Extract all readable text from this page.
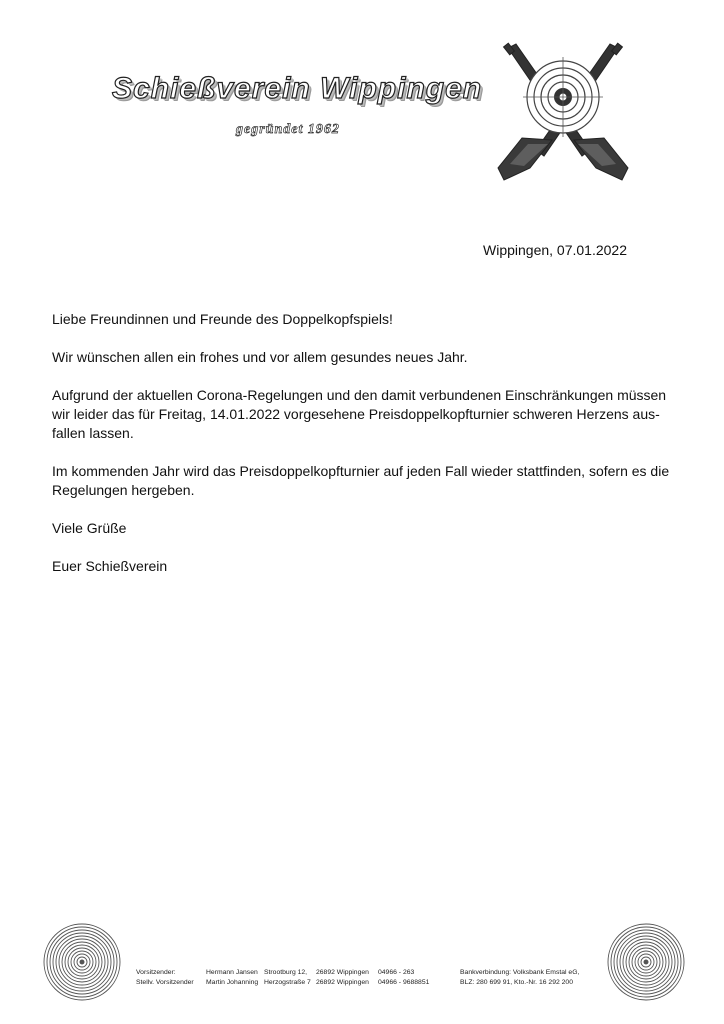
Schießverein Wippingen
gegründet 1962
Wippingen, 07.01.2022

Liebe Freundinnen und Freunde des Doppelkopfspiels!

Wir wünschen allen ein frohes und vor allem gesundes neues Jahr.

Aufgrund der aktuellen Corona-Regelungen und den damit verbundenen Einschränkungen müssen wir leider das für Freitag, 14.01.2022 vorgesehene Preisdoppelkopfturnier schweren Herzens aus-fallen lassen.

Im kommenden Jahr wird das Preisdoppelkopfturnier auf jeden Fall wieder stattfinden, sofern es die Regelungen hergeben.

Viele Grüße

Euer Schießverein

Vorsitzender:	Hermann Jansen Strootburg 12, 26892 Wippingen 04966 - 263
Stellv. Vorsitzender Martin Johanning Herzogstraße 7 26892 Wippingen 04966 - 9688851
Bankverbindung: Volksbank Emstal eG,
BLZ: 280 699 91, Kto.-Nr. 16 292 200
